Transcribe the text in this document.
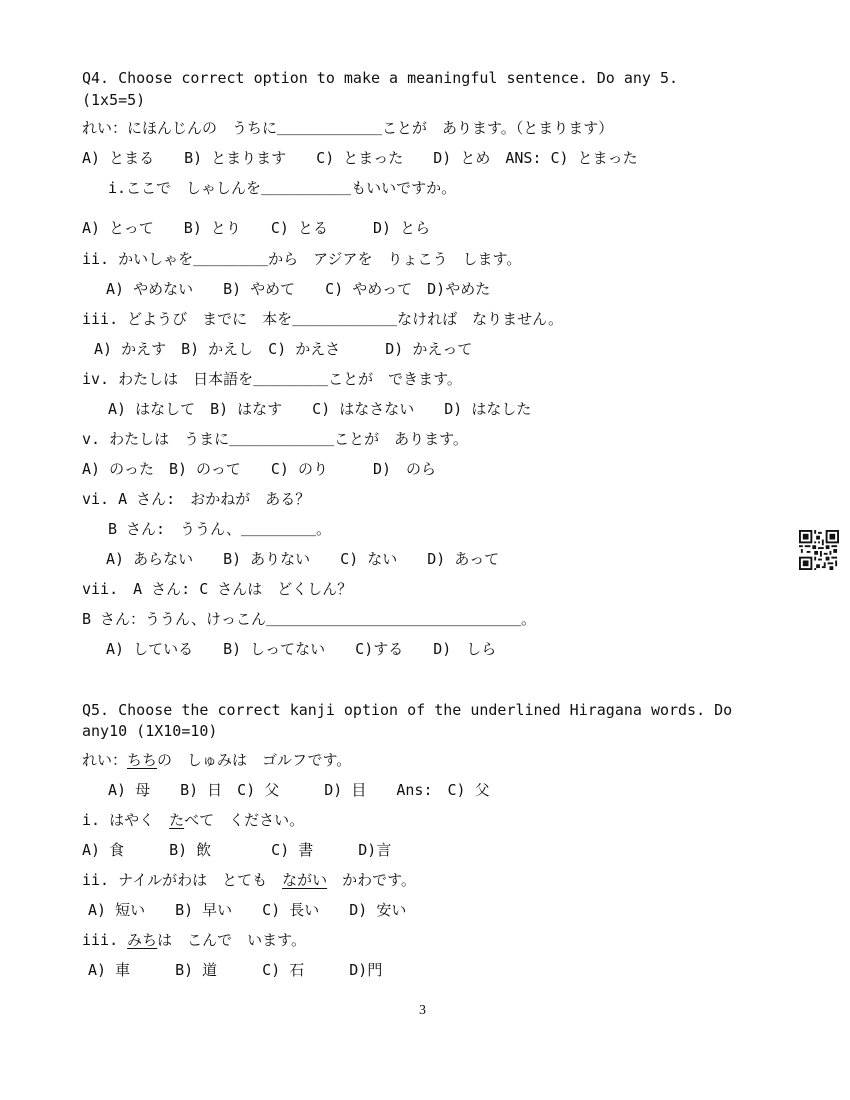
Q4. Choose correct option to make a meaningful sentence. Do any 5.
(1x5=5)
れい：にほんじんの　うちに＿＿＿＿＿＿＿ことが　あります。（とまります）
A) とまる　　B) とまります　　C) とまった　　D) とめ　ANS: C) とまった
i.ここで　しゃしんを＿＿＿＿＿＿もいいですか。
A) とって　　B) とり　　C) とる　　　D) とら
ii. かいしゃを＿＿＿＿＿から　アジアを　りょこう　します。
A) やめない　　B) やめて　　C) やめって　D)やめた
iii. どようび　までに　本を＿＿＿＿＿＿＿なければ　なりません。
A) かえす　B) かえし　C) かえさ　　　D) かえって
iv. わたしは　日本語を＿＿＿＿＿ことが　できます。
A) はなして　B) はなす　　C) はなさない　　D) はなした
v. わたしは　うまに＿＿＿＿＿＿＿ことが　あります。
A) のった　B) のって　　C) のり　　　D)　のら
vi. A さん:　おかねが　ある？
B さん:　ううん、＿＿＿＿＿。
A) あらない　　B) ありない　　C) ない　　D) あって
vii.　A さん: C さんは　どくしん？
B さん：ううん、けっこん＿＿＿＿＿＿＿＿＿＿＿＿＿＿＿＿＿。
A) している　　B) しってない　　C)する　　D)　しら
Q5. Choose the correct kanji option of the underlined Hiragana words. Do
any10 (1X10=10)
れい：ちちの　しゅみは　ゴルフです。
A) 母　　B) 日　C) 父　　　D) 目　　Ans:　C) 父
i. はやく　たべて　ください。
A) 食　　　B) 飲　　　　C) 書　　　D)言
ii. ナイルがわは　とても　ながい　かわです。
A) 短い　　B) 早い　　C) 長い　　D) 安い
iii. みちは　こんで　います。
A) 車　　　B) 道　　　C) 石　　　D)門
3
